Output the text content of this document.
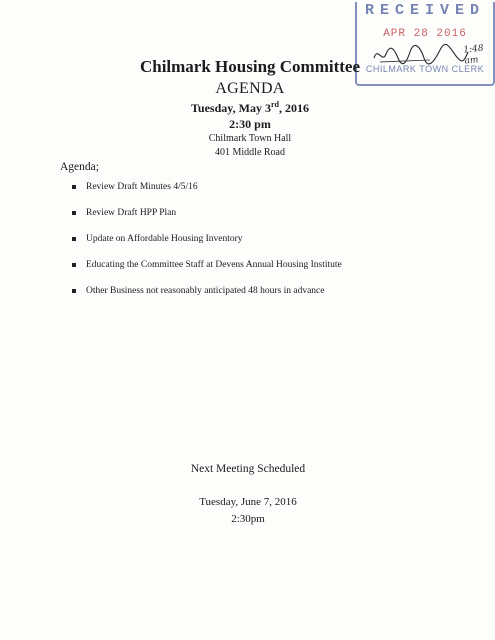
RECEIVED
APR 28 2016
CHILMARK TOWN CLERK
1:48 am
Chilmark Housing Committee
AGENDA
Tuesday, May 3rd, 2016
2:30 pm
Chilmark Town Hall
401 Middle Road
Agenda;
Review Draft Minutes 4/5/16
Review Draft HPP Plan
Update on Affordable Housing Inventory
Educating the Committee Staff at Devens Annual Housing Institute
Other Business not reasonably anticipated 48 hours in advance
Next Meeting Scheduled
Tuesday, June 7, 2016
2:30pm
